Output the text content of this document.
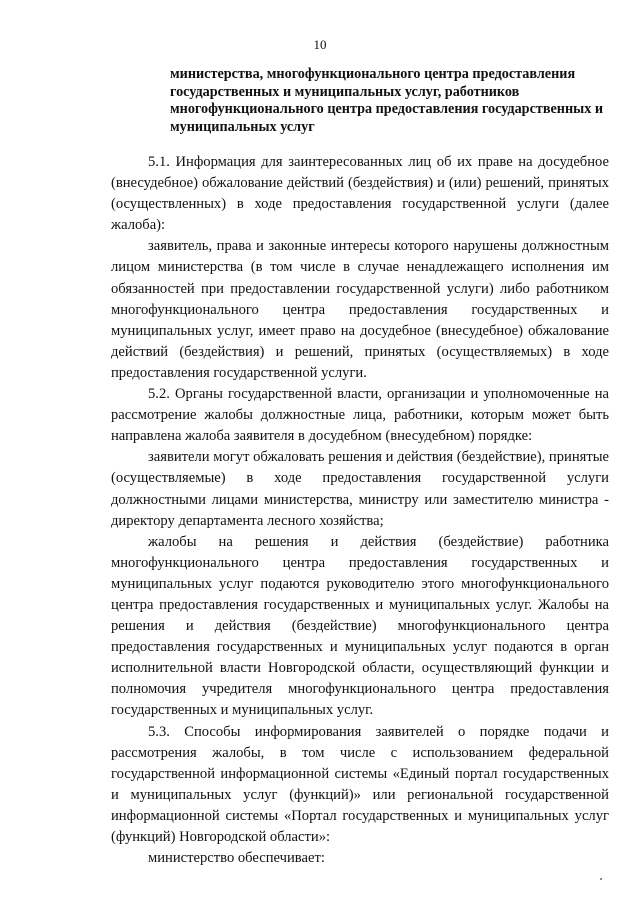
10
министерства, многофункционального центра предоставления государственных и муниципальных услуг, работников многофункционального центра предоставления государственных и муниципальных услуг

5.1. Информация для заинтересованных лиц об их праве на досудебное (внесудебное) обжалование действий (бездействия) и (или) решений, принятых (осуществленных) в ходе предоставления государственной услуги (далее жалоба):

заявитель, права и законные интересы которого нарушены должностным лицом министерства (в том числе в случае ненадлежащего исполнения им обязанностей при предоставлении государственной услуги) либо работником многофункционального центра предоставления государственных и муниципальных услуг, имеет право на досудебное (внесудебное) обжалование действий (бездействия) и решений, принятых (осуществляемых) в ходе предоставления государственной услуги.

5.2. Органы государственной власти, организации и уполномоченные на рассмотрение жалобы должностные лица, работники, которым может быть направлена жалоба заявителя в досудебном (внесудебном) порядке:

заявители могут обжаловать решения и действия (бездействие), принятые (осуществляемые) в ходе предоставления государственной услуги должностными лицами министерства, министру или заместителю министра - директору департамента лесного хозяйства;

жалобы на решения и действия (бездействие) работника многофункционального центра предоставления государственных и муниципальных услуг подаются руководителю этого многофункционального центра предоставления государственных и муниципальных услуг. Жалобы на решения и действия (бездействие) многофункционального центра предоставления государственных и муниципальных услуг подаются в орган исполнительной власти Новгородской области, осуществляющий функции и полномочия учредителя многофункционального центра предоставления государственных и муниципальных услуг.

5.3. Способы информирования заявителей о порядке подачи и рассмотрения жалобы, в том числе с использованием федеральной государственной информационной системы «Единый портал государственных и муниципальных услуг (функций)» или региональной государственной информационной системы «Портал государственных и муниципальных услуг (функций) Новгородской области»:

министерство обеспечивает:
